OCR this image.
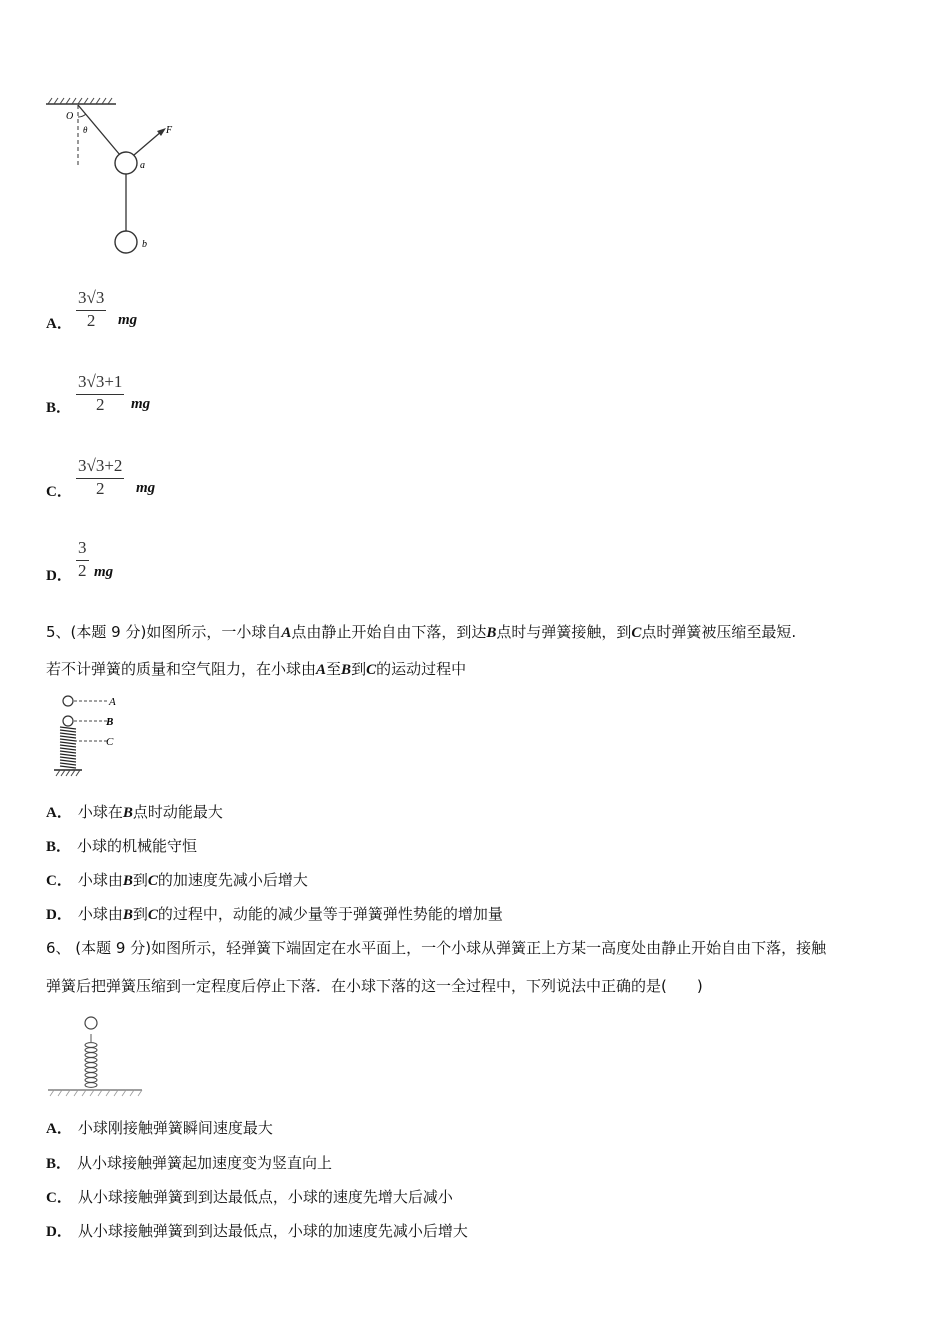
O
θ	F
a
b
A．
3√3
2	mg
B．
3√3+1
2	mg
C．
3√3+2
2	mg
D．
3
2 mg
5、(本题 9 分)如图所示，一小球自A点由静止开始自由下落，到达B点时与弹簧接触，到C点时弹簧被压缩至最短.
若不计弹簧的质量和空气阻力，在小球由A至B到C的运动过程中
A
B
C
A． 小球在B点时动能最大
B． 小球的机械能守恒
C． 小球由B到C的加速度先减小后增大
D． 小球由B到C的过程中，动能的减少量等于弹簧弹性势能的增加量
6、 (本题 9 分)如图所示，轻弹簧下端固定在水平面上，一个小球从弹簧正上方某一高度处由静止开始自由下落，接触
弹簧后把弹簧压缩到一定程度后停止下落．在小球下落的这一全过程中，下列说法中正确的是(　　)
A． 小球刚接触弹簧瞬间速度最大
B． 从小球接触弹簧起加速度变为竖直向上
C． 从小球接触弹簧到到达最低点，小球的速度先增大后减小
D． 从小球接触弹簧到到达最低点，小球的加速度先减小后增大
